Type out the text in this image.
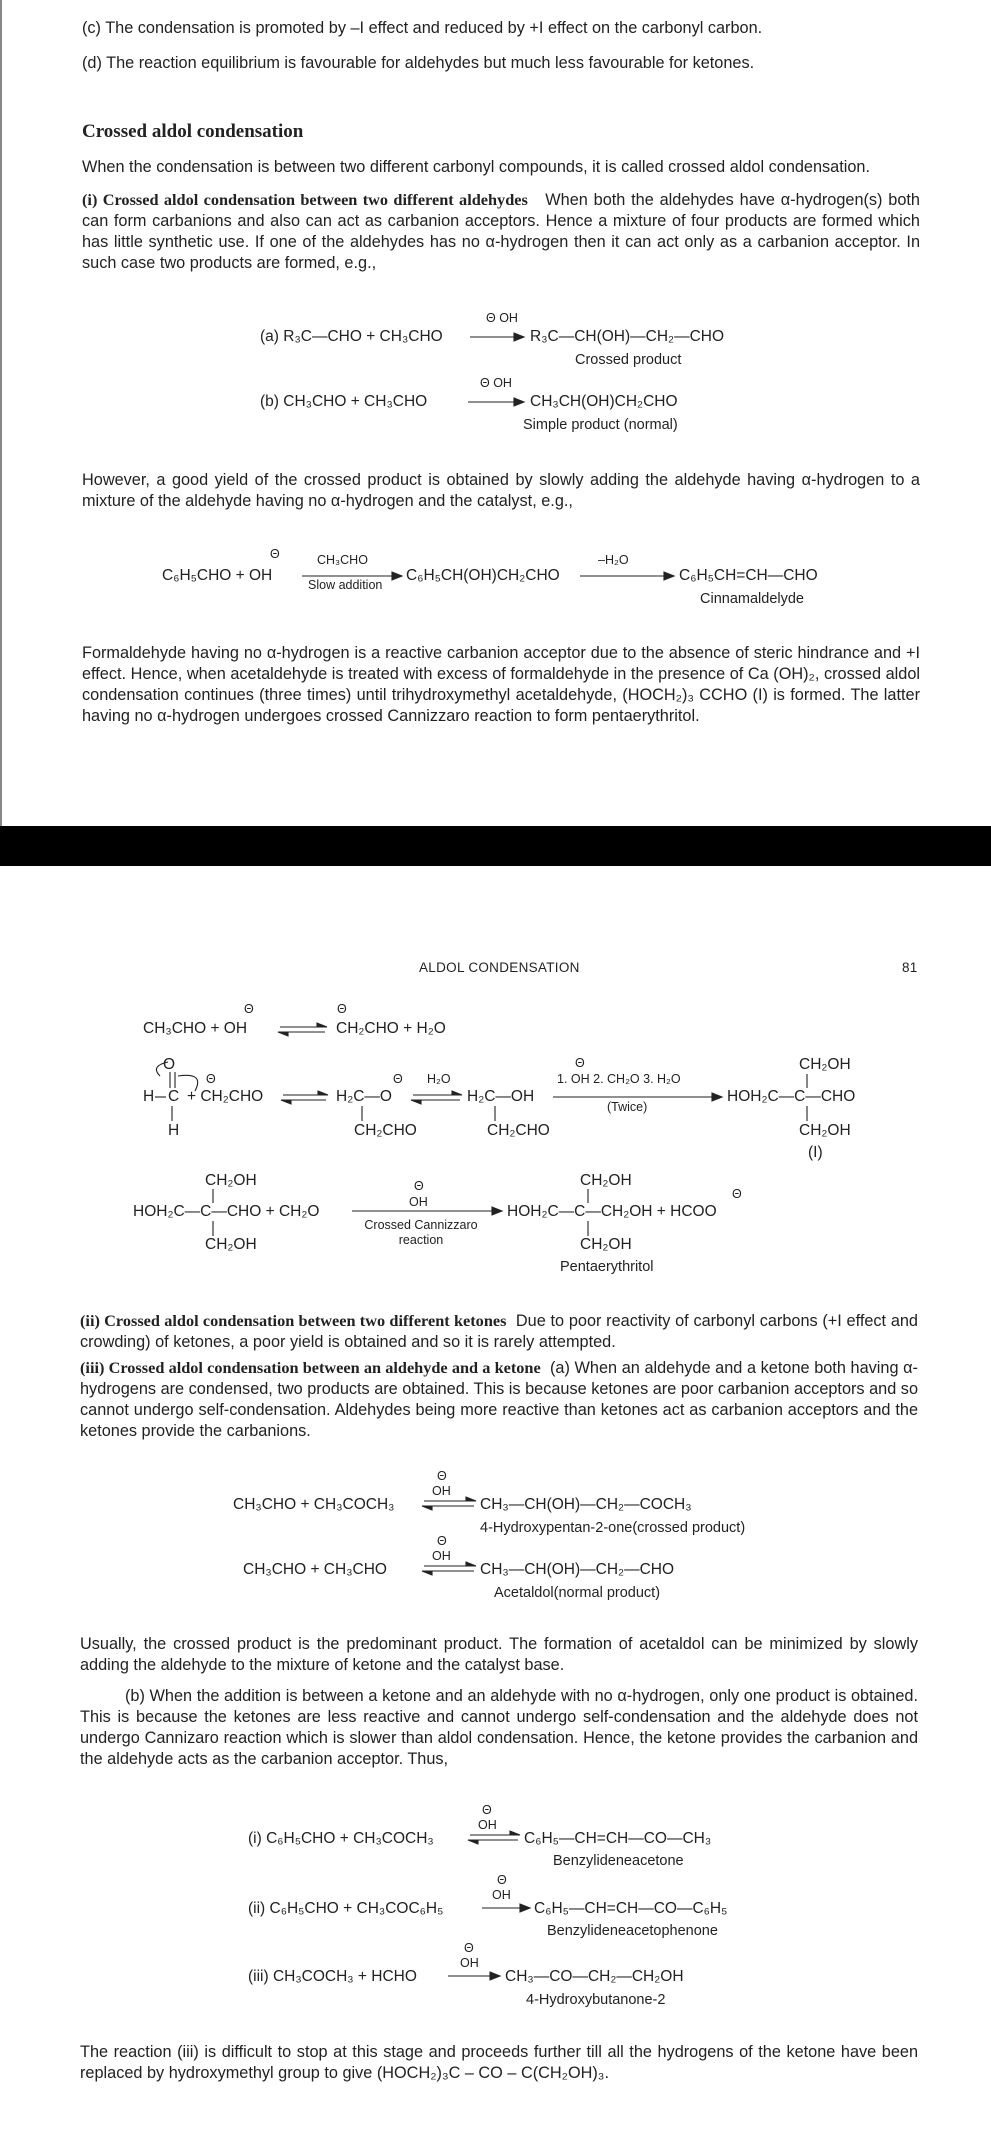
(c) The condensation is promoted by –I effect and reduced by +I effect on the carbonyl carbon.

(d) The reaction equilibrium is favourable for aldehydes but much less favourable for ketones.

Crossed aldol condensation

When the condensation is between two different carbonyl compounds, it is called crossed aldol condensation.

(i) Crossed aldol condensation between two different aldehydes When both the aldehydes have α-hydrogen(s) both can form carbanions and also can act as carbanion acceptors. Hence a mixture of four products are formed which has little synthetic use. If one of the aldehydes has no α-hydrogen then it can act only as a carbanion acceptor. In such case two products are formed, e.g.,

(a) R₃C—CHO + CH₃CHO
Θ OH
R₃C—CH(OH)—CH₂—CHO
Crossed product
(b) CH₃CHO + CH₃CHO
Θ OH
CH₃CH(OH)CH₂CHO
Simple product (normal)

However, a good yield of the crossed product is obtained by slowly adding the aldehyde having α-hydrogen to a mixture of the aldehyde having no α-hydrogen and the catalyst, e.g.,

Θ
C₆H₅CHO + OH
CH₃CHO
Slow addition
C₆H₅CH(OH)CH₂CHO
–H₂O
C₆H₅CH=CH—CHO
Cinnamaldelyde

Formaldehyde having no α-hydrogen is a reactive carbanion acceptor due to the absence of steric hindrance and +I effect. Hence, when acetaldehyde is treated with excess of formaldehyde in the presence of Ca (OH)₂, crossed aldol condensation continues (three times) until trihydroxymethyl acetaldehyde, (HOCH₂)₃ CCHO (I) is formed. The latter having no α-hydrogen undergoes crossed Cannizzaro reaction to form pentaerythritol.

ALDOL CONDENSATION	81
Θ
CH₃CHO + OH
Θ
CH₂CHO + H₂O
O
H C
H
Θ
+ CH₂CHO
Θ
H₂C—O
CH₂CHO
H₂O
H₂C—OH
CH₂CHO
Θ
1. OH 2. CH₂O 3. H₂O
(Twice)
CH₂OH
HOH₂C—C—CHO
CH₂OH
(I)
CH₂OH
HOH₂C—C—CHO + CH₂O
CH₂OH
Θ
OH
Crossed Cannizzaro reaction
CH₂OH
HOH₂C—C—CH₂OH + HCOO
Θ
CH₂OH
Pentaerythritol

(ii) Crossed aldol condensation between two different ketones Due to poor reactivity of carbonyl carbons (+I effect and crowding) of ketones, a poor yield is obtained and so it is rarely attempted.

(iii) Crossed aldol condensation between an aldehyde and a ketone (a) When an aldehyde and a ketone both having α-hydrogens are condensed, two products are obtained. This is because ketones are poor carbanion acceptors and so cannot undergo self-condensation. Aldehydes being more reactive than ketones act as carbanion acceptors and the ketones provide the carbanions.

CH₃CHO + CH₃COCH₃
Θ
OH
CH₃—CH(OH)—CH₂—COCH₃
4-Hydroxypentan-2-one(crossed product)
CH₃CHO + CH₃CHO
Θ
OH
CH₃—CH(OH)—CH₂—CHO
Acetaldol(normal product)

Usually, the crossed product is the predominant product. The formation of acetaldol can be minimized by slowly adding the aldehyde to the mixture of ketone and the catalyst base.

(b) When the addition is between a ketone and an aldehyde with no α-hydrogen, only one product is obtained. This is because the ketones are less reactive and cannot undergo self-condensation and the aldehyde does not undergo Cannizaro reaction which is slower than aldol condensation. Hence, the ketone provides the carbanion and the aldehyde acts as the carbanion acceptor. Thus,

(i) C₆H₅CHO + CH₃COCH₃
Θ
OH
C₆H₅—CH=CH—CO—CH₃
Benzylideneacetone
(ii) C₆H₅CHO + CH₃COC₆H₅
Θ
OH
C₆H₅—CH=CH—CO—C₆H₅
Benzylideneacetophenone
(iii) CH₃COCH₃ + HCHO
Θ
OH
CH₃—CO—CH₂—CH₂OH
4-Hydroxybutanone-2

The reaction (iii) is difficult to stop at this stage and proceeds further till all the hydrogens of the ketone have been replaced by hydroxymethyl group to give (HOCH₂)₃C – CO – C(CH₂OH)₃.
